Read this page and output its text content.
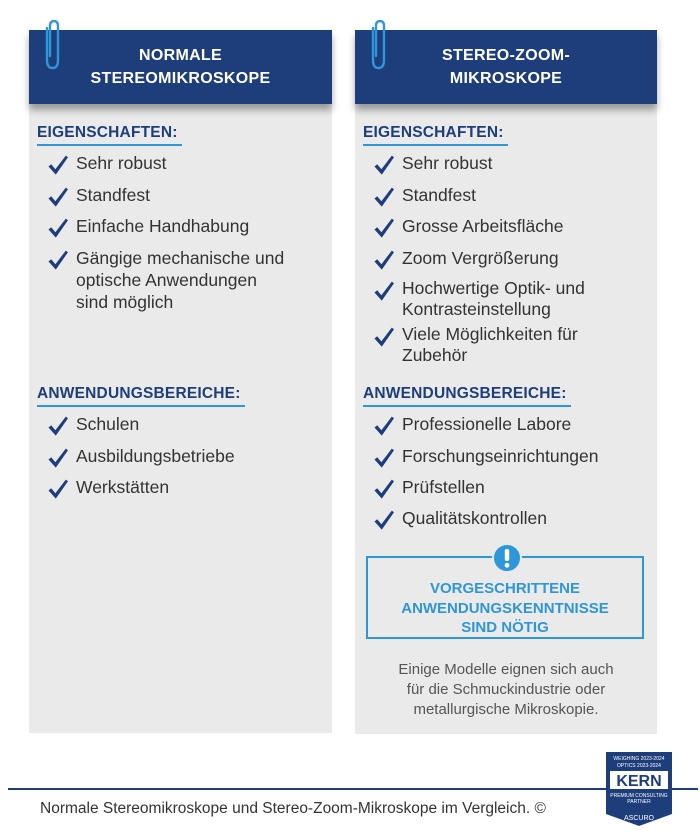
NORMALE
STEREOMIKROSKOPE
EIGENSCHAFTEN:
Sehr robust
Standfest
Einfache Handhabung
Gängige mechanische und
optische Anwendungen
sind möglich
ANWENDUNGSBEREICHE:
Schulen
Ausbildungsbetriebe
Werkstätten
STEREO-ZOOM-
MIKROSKOPE
EIGENSCHAFTEN:
Sehr robust
Standfest
Grosse Arbeitsfläche
Zoom Vergrößerung
Hochwertige Optik- und
Kontrasteinstellung
Viele Möglichkeiten für
Zubehör
ANWENDUNGSBEREICHE:
Professionelle Labore
Forschungseinrichtungen
Prüfstellen
Qualitätskontrollen
VORGESCHRITTENE
ANWENDUNGSKENNTNISSE
SIND NÖTIG
Einige Modelle eignen sich auch
für die Schmuckindustrie oder
metallurgische Mikroskopie.
Normale Stereomikroskope und Stereo-Zoom-Mikroskope im Vergleich. ©
WEIGHING 2023-2024
OPTICS 2023-2024
KERN
PREMIUM CONSULTING
PARTNER
ASCURO
